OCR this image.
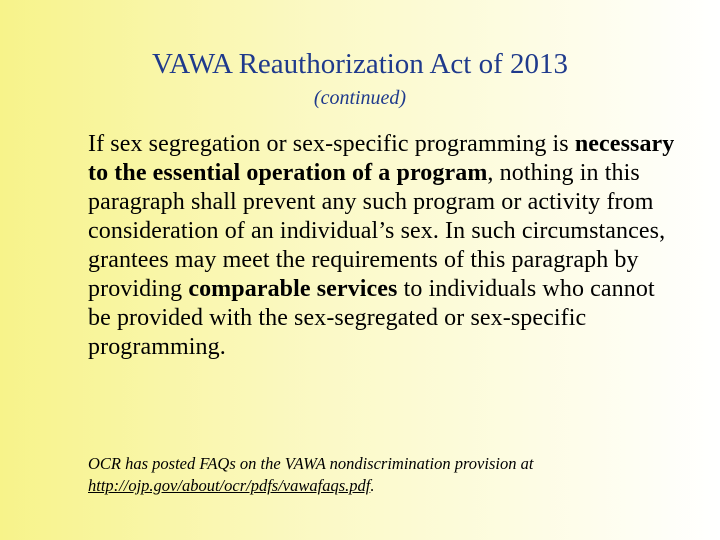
VAWA Reauthorization Act of 2013
(continued)
If sex segregation or sex-specific programming is necessary to the essential operation of a program, nothing in this paragraph shall prevent any such program or activity from consideration of an individual’s sex. In such circumstances, grantees may meet the requirements of this paragraph by providing comparable services to individuals who cannot be provided with the sex-segregated or sex-specific programming.
OCR has posted FAQs on the VAWA nondiscrimination provision at http://ojp.gov/about/ocr/pdfs/vawafaqs.pdf.
